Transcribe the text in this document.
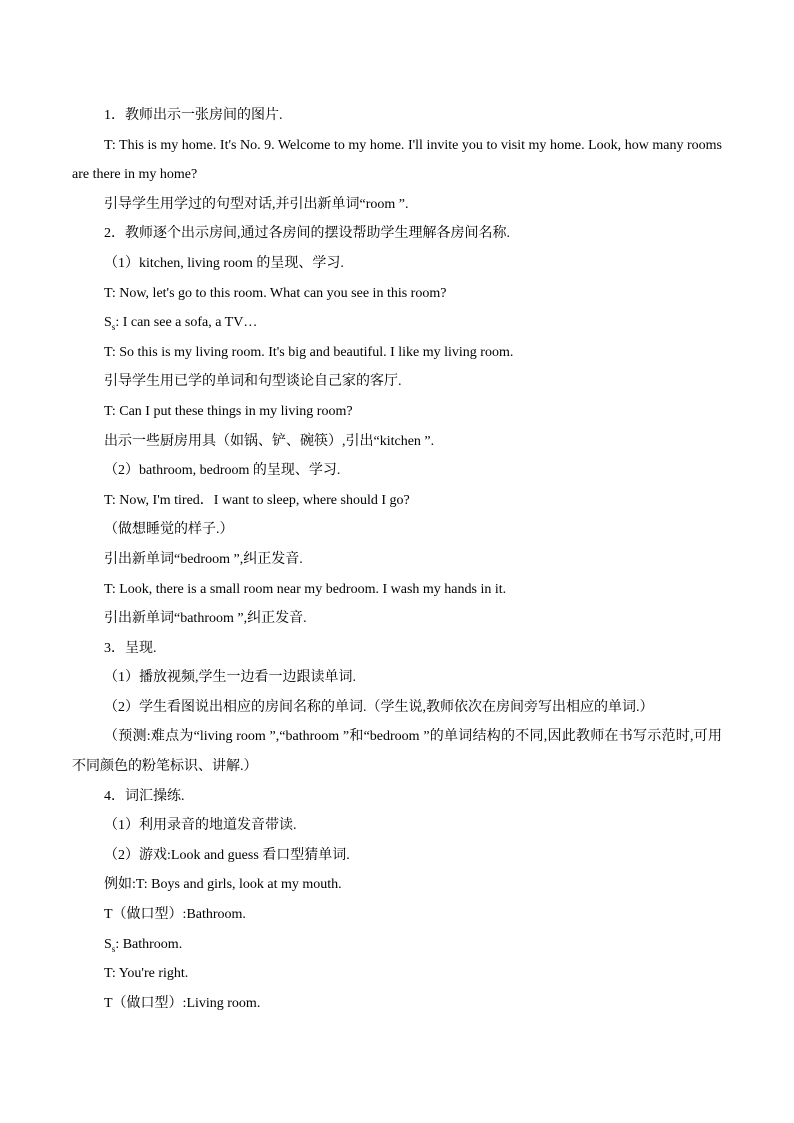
1．教师出示一张房间的图片.

T: This is my home. It's No. 9. Welcome to my home. I'll invite you to visit my home. Look, how many rooms are there in my home?

引导学生用学过的句型对话,并引出新单词“room ”.

2．教师逐个出示房间,通过各房间的摆设帮助学生理解各房间名称.

（1）kitchen, living room 的呈现、学习.

T: Now, let's go to this room. What can you see in this room?

$S_s$: I can see a sofa, a TV…

T: So this is my living room. It's big and beautiful. I like my living room.

引导学生用已学的单词和句型谈论自己家的客厅.

T: Can I put these things in my living room?

出示一些厨房用具（如锅、铲、碗筷）,引出“kitchen ”.

（2）bathroom, bedroom 的呈现、学习.

T: Now, I'm tired．I want to sleep, where should I go?

（做想睡觉的样子.）

引出新单词“bedroom ”,纠正发音.

T: Look, there is a small room near my bedroom. I wash my hands in it.

引出新单词“bathroom ”,纠正发音.

3．呈现.

（1）播放视频,学生一边看一边跟读单词.

（2）学生看图说出相应的房间名称的单词.（学生说,教师依次在房间旁写出相应的单词.）

（预测:难点为“living room ”,“bathroom ”和“bedroom ”的单词结构的不同,因此教师在书写示范时,可用不同颜色的粉笔标识、讲解.）

4．词汇操练.

（1）利用录音的地道发音带读.

（2）游戏:Look and guess 看口型猜单词.

例如:T: Boys and girls, look at my mouth.

T（做口型）:Bathroom.

$S_s$: Bathroom.

T: You're right.

T（做口型）:Living room.
